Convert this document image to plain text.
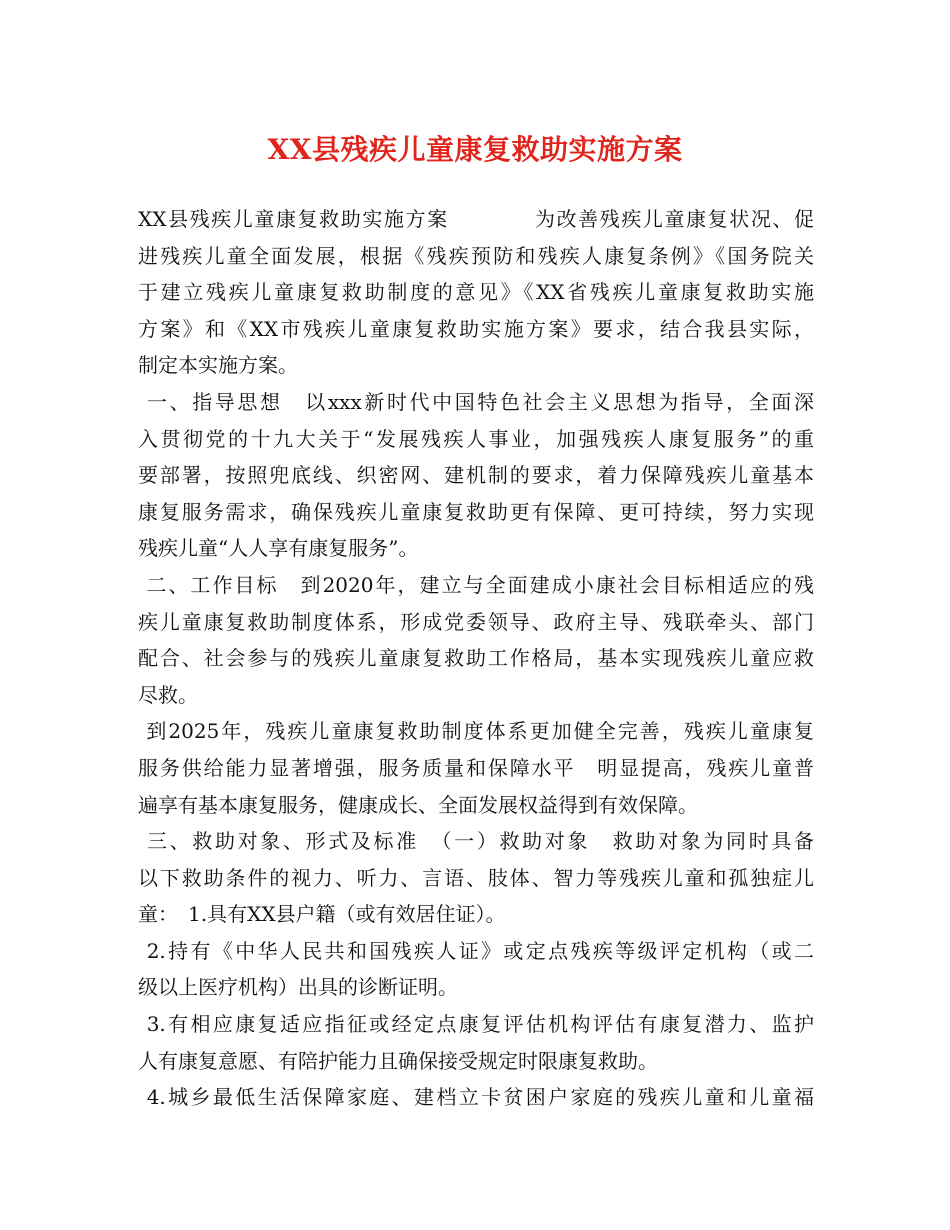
XX县残疾儿童康复救助实施方案
XX县残疾儿童康复救助实施方案　　　　为改善残疾儿童康复状况、促
进残疾儿童全面发展，根据《残疾预防和残疾人康复条例》《国务院关
于建立残疾儿童康复救助制度的意见》《XX省残疾儿童康复救助实施
方案》和《XX市残疾儿童康复救助实施方案》要求，结合我县实际，
制定本实施方案。
一、指导思想　以xxx新时代中国特色社会主义思想为指导，全面深
入贯彻党的十九大关于“发展残疾人事业，加强残疾人康复服务”的重
要部署，按照兜底线、织密网、建机制的要求，着力保障残疾儿童基本
康复服务需求，确保残疾儿童康复救助更有保障、更可持续，努力实现
残疾儿童“人人享有康复服务”。
二、工作目标　到2020年，建立与全面建成小康社会目标相适应的残
疾儿童康复救助制度体系，形成党委领导、政府主导、残联牵头、部门
配合、社会参与的残疾儿童康复救助工作格局，基本实现残疾儿童应救
尽救。
到2025年，残疾儿童康复救助制度体系更加健全完善，残疾儿童康复
服务供给能力显著增强，服务质量和保障水平　明显提高，残疾儿童普
遍享有基本康复服务，健康成长、全面发展权益得到有效保障。
三、救助对象、形式及标准　（一）救助对象　救助对象为同时具备
以下救助条件的视力、听力、言语、肢体、智力等残疾儿童和孤独症儿
童：　1.具有XX县户籍（或有效居住证）。
2.持有《中华人民共和国残疾人证》或定点残疾等级评定机构（或二
级以上医疗机构）出具的诊断证明。
3.有相应康复适应指征或经定点康复评估机构评估有康复潜力、监护
人有康复意愿、有陪护能力且确保接受规定时限康复救助。
4.城乡最低生活保障家庭、建档立卡贫困户家庭的残疾儿童和儿童福
